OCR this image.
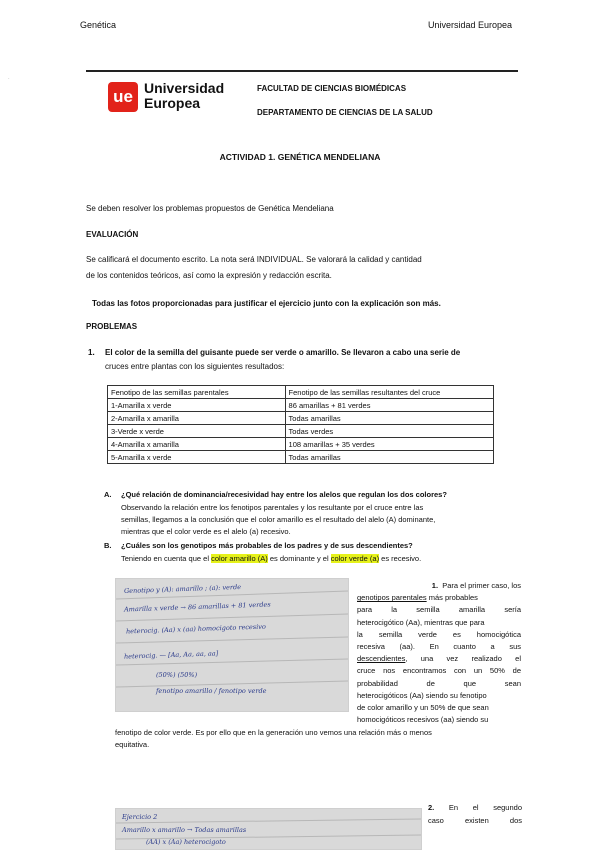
Genética	Universidad Europea
·
ue Universidad
Europea
FACULTAD DE CIENCIAS BIOMÉDICAS
DEPARTAMENTO DE CIENCIAS DE LA SALUD
ACTIVIDAD 1. GENÉTICA MENDELIANA
Se deben resolver los problemas propuestos de Genética Mendeliana
EVALUACIÓN
Se calificará el documento escrito. La nota será INDIVIDUAL. Se valorará la calidad y cantidad
de los contenidos teóricos, así como la expresión y redacción escrita.
Todas las fotos proporcionadas para justificar el ejercicio junto con la explicación son más.
PROBLEMAS
1.	El color de la semilla del guisante puede ser verde o amarillo. Se llevaron a cabo una serie de
cruces entre plantas con los siguientes resultados:
Fenotipo de las semillas parentales	Fenotipo de las semillas resultantes del cruce
1-Amarilla x verde	86 amarillas + 81 verdes
2-Amarilla x amarilla	Todas amarillas
3-Verde x verde	Todas verdes
4-Amarilla x amarilla	108 amarillas + 35 verdes
5-Amarilla x verde	Todas amarillas
A. ¿Qué relación de dominancia/recesividad hay entre los alelos que regulan los dos colores?
Observando la relación entre los fenotipos parentales y los resultante por el cruce entre las
semillas, llegamos a la conclusión que el color amarillo es el resultado del alelo (A) dominante,
mientras que el color verde es el alelo (a) recesivo.
B. ¿Cuáles son los genotipos más probables de los padres y de sus descendientes?
Teniendo en cuenta que el color amarillo (A) es dominante y el color verde (a) es recesivo.
Genotipo y (A): amarillo ; (a): verde
Amarilla x verde → 86 amarillas + 81 verdes
heterocig. (Aa) x (aa) homocigoto recesivo
heterocig. — [Aa, Aa, aa, aa]
(50%) (50%)
fenotipo amarillo / fenotipo verde
1. Para el primer caso, los
genotipos parentales más probables
para la semilla amarilla sería
heterocigótico (Aa), mientras que para
la semilla verde es homocigótica
recesiva (aa). En cuanto a sus
descendientes, una vez realizado el
cruce nos encontramos con un 50% de
probabilidad de que sean
heterocigóticos (Aa) siendo su fenotipo
de color amarillo y un 50% de que sean
homocigóticos recesivos (aa) siendo su
fenotipo de color verde. Es por ello que en la generación uno vemos una relación más o menos
equitativa.
Ejercicio 2
Amarillo x amarillo → Todas amarillas
(AA) x (Aa) heterocigoto
2. En el segundo
caso existen dos
